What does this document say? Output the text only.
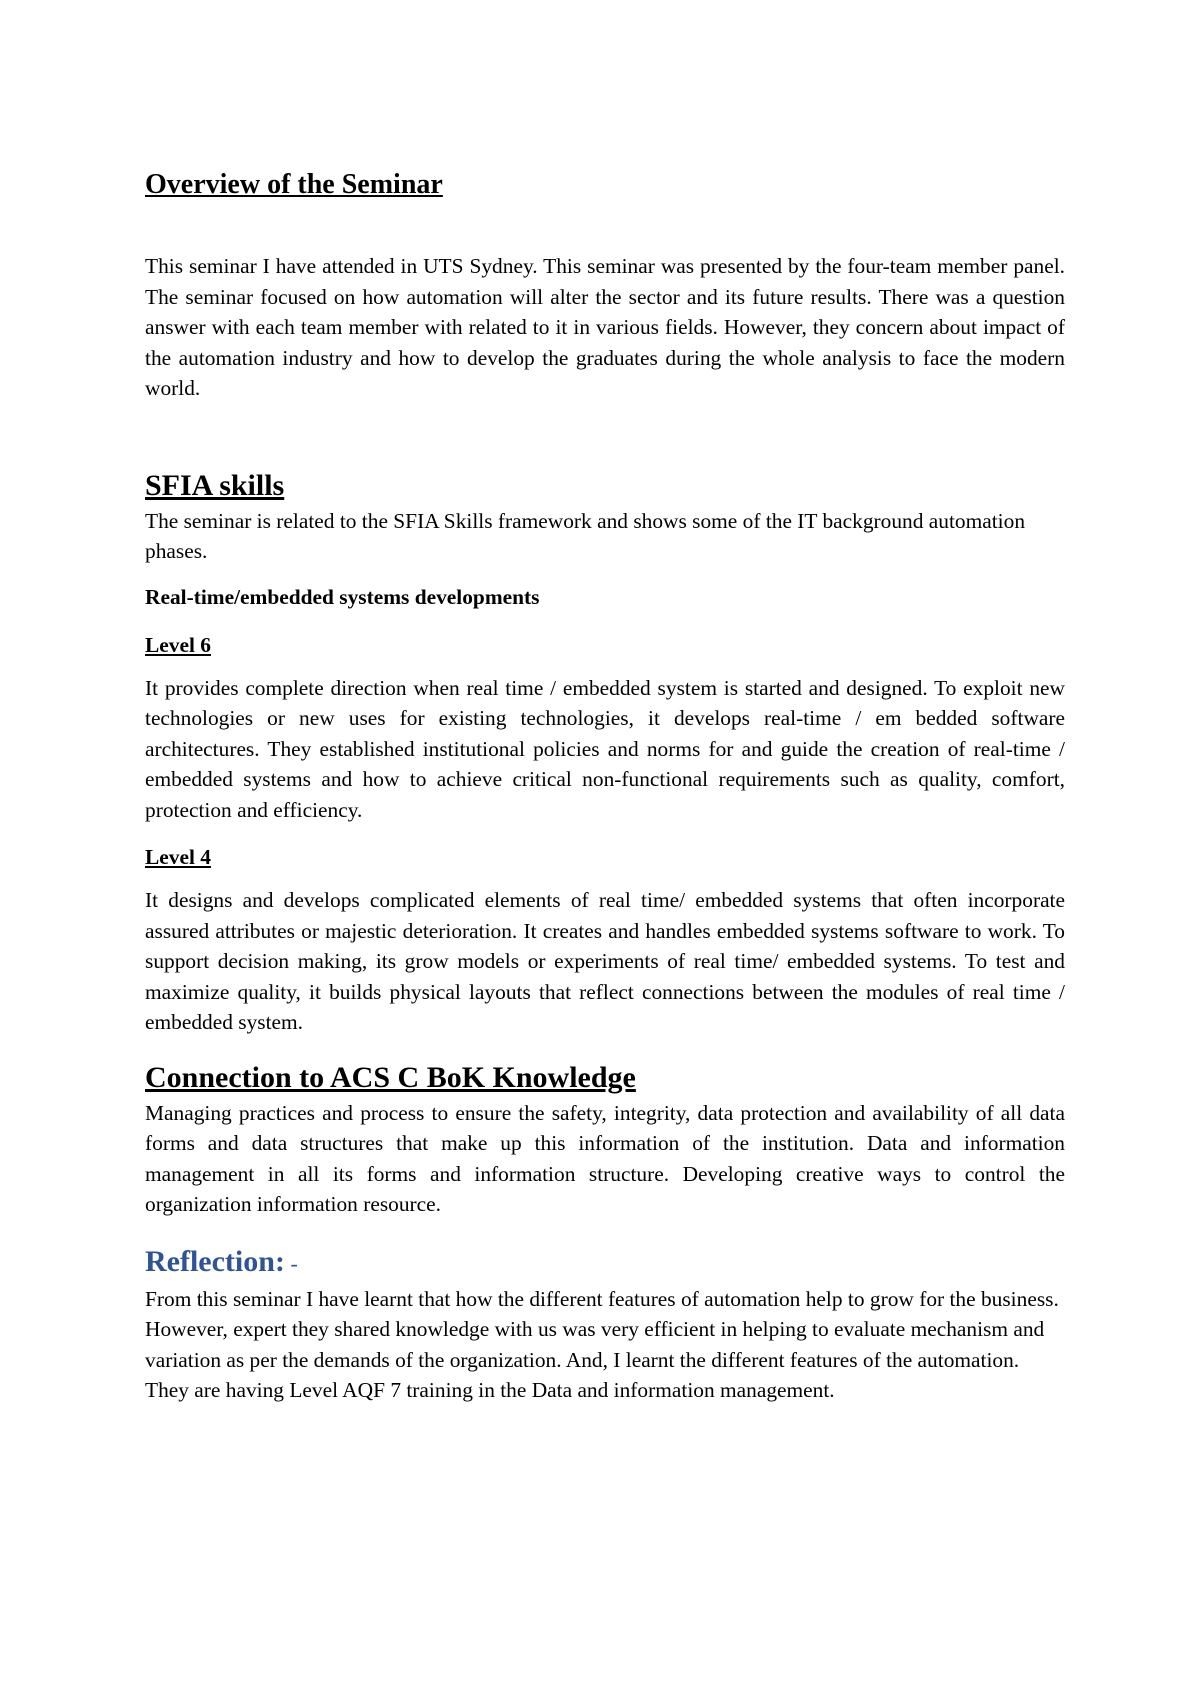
Overview of the Seminar

This seminar I have attended in UTS Sydney. This seminar was presented by the four-team member panel. The seminar focused on how automation will alter the sector and its future results. There was a question answer with each team member with related to it in various fields. However, they concern about impact of the automation industry and how to develop the graduates during the whole analysis to face the modern world.

SFIA skills

The seminar is related to the SFIA Skills framework and shows some of the IT background automation phases.

Real-time/embedded systems developments

Level 6

It provides complete direction when real time / embedded system is started and designed. To exploit new technologies or new uses for existing technologies, it develops real-time / em bedded software architectures. They established institutional policies and norms for and guide the creation of real-time / embedded systems and how to achieve critical non-functional requirements such as quality, comfort, protection and efficiency.

Level 4

It designs and develops complicated elements of real time/ embedded systems that often incorporate assured attributes or majestic deterioration. It creates and handles embedded systems software to work. To support decision making, its grow models or experiments of real time/ embedded systems. To test and maximize quality, it builds physical layouts that reflect connections between the modules of real time / embedded system.

Connection to ACS C BoK Knowledge

Managing practices and process to ensure the safety, integrity, data protection and availability of all data forms and data structures that make up this information of the institution. Data and information management in all its forms and information structure. Developing creative ways to control the organization information resource.

Reflection: -

From this seminar I have learnt that how the different features of automation help to grow for the business. However, expert they shared knowledge with us was very efficient in helping to evaluate mechanism and variation as per the demands of the organization. And, I learnt the different features of the automation. They are having Level AQF 7 training in the Data and information management.
